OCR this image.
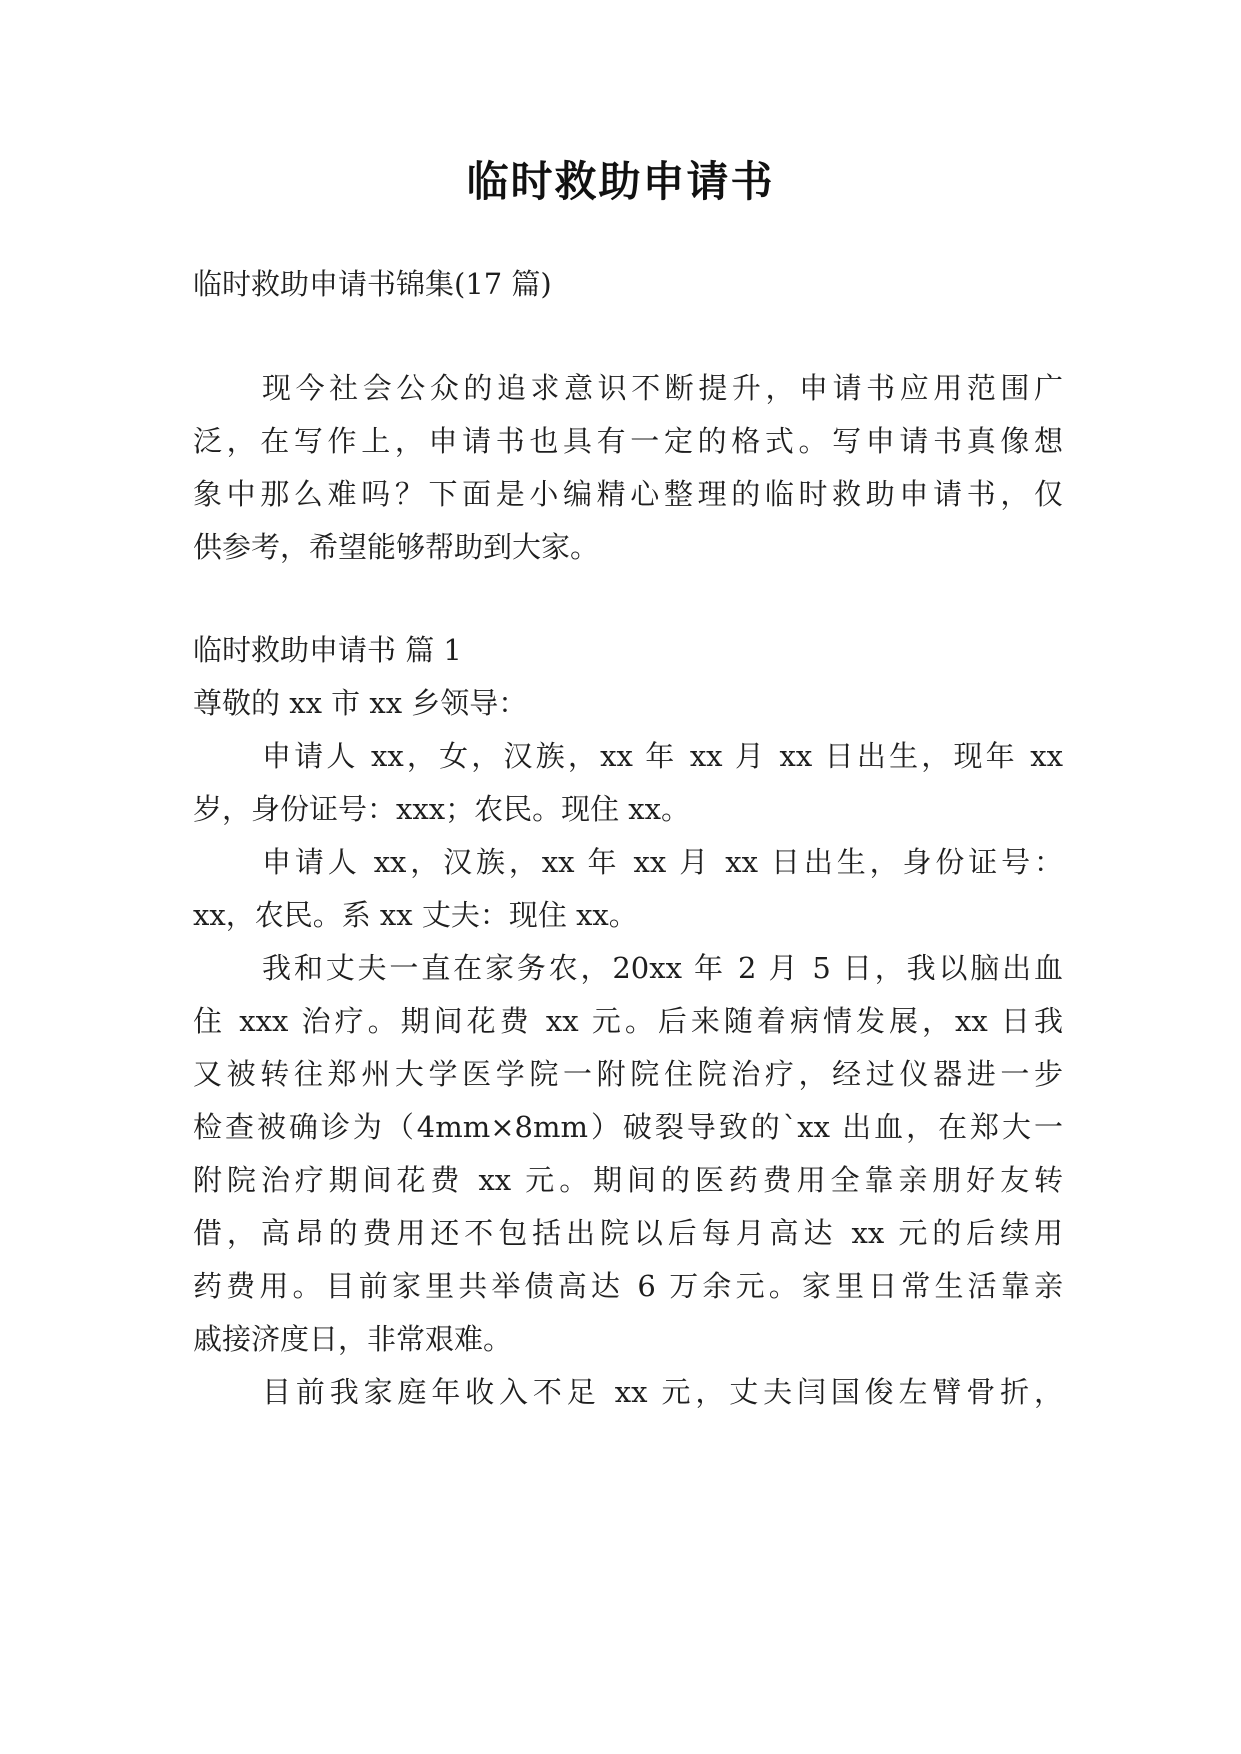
临时救助申请书
临时救助申请书锦集(17 篇)
现今社会公众的追求意识不断提升，申请书应用范围广
泛，在写作上，申请书也具有一定的格式。写申请书真像想
象中那么难吗？下面是小编精心整理的临时救助申请书，仅
供参考，希望能够帮助到大家。
临时救助申请书 篇 1
尊敬的 xx 市 xx 乡领导：
申请人 xx，女，汉族，xx 年 xx 月 xx 日出生，现年 xx
岁，身份证号：xxx；农民。现住 xx。
申请人 xx，汉族，xx 年 xx 月 xx 日出生，身份证号：
xx，农民。系 xx 丈夫：现住 xx。
我和丈夫一直在家务农，20xx 年 2 月 5 日，我以脑出血
住 xxx 治疗。期间花费 xx 元。后来随着病情发展，xx 日我
又被转往郑州大学医学院一附院住院治疗，经过仪器进一步
检查被确诊为（4mm×8mm）破裂导致的`xx 出血，在郑大一
附院治疗期间花费 xx 元。期间的医药费用全靠亲朋好友转
借，高昂的费用还不包括出院以后每月高达 xx 元的后续用
药费用。目前家里共举债高达 6 万余元。家里日常生活靠亲
戚接济度日，非常艰难。
目前我家庭年收入不足 xx 元，丈夫闫国俊左臂骨折，
